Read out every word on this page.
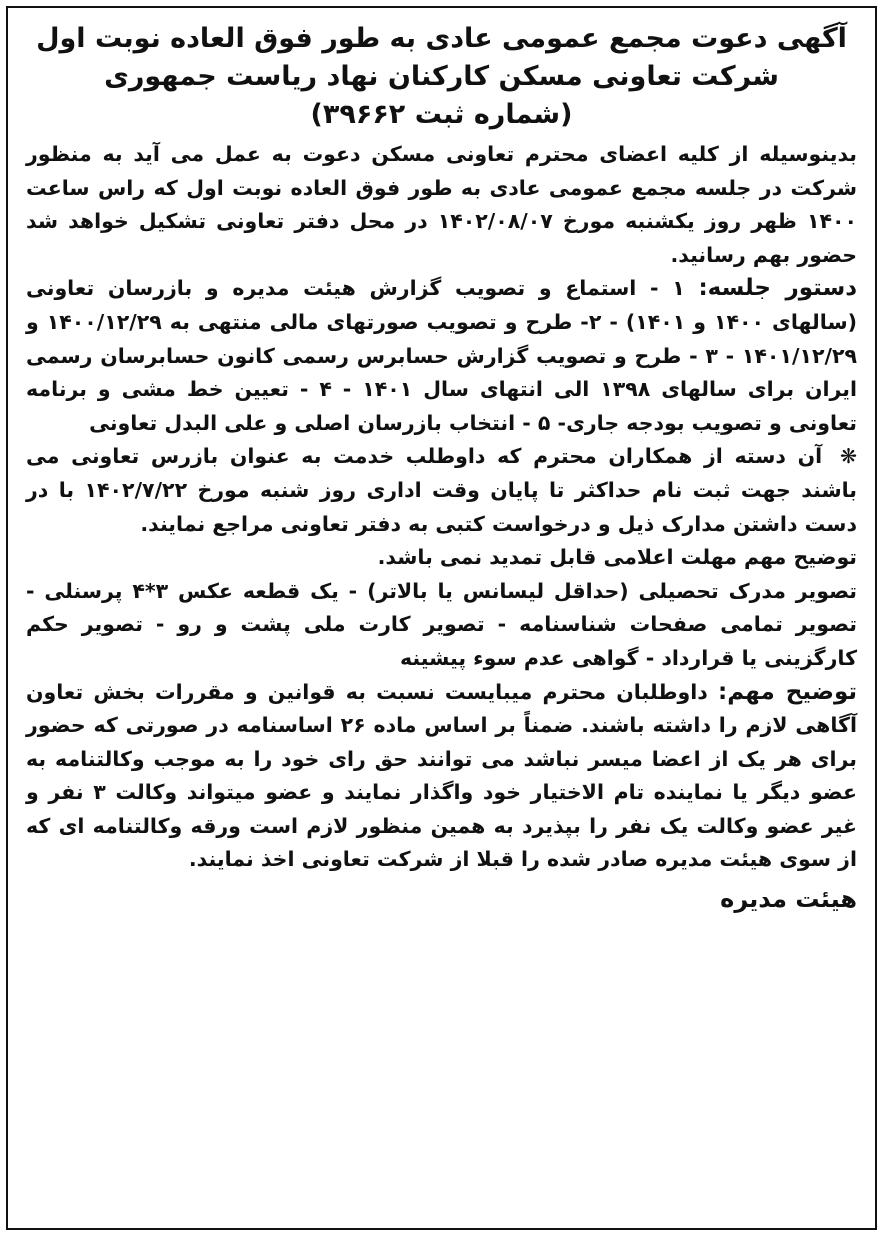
آگهی دعوت مجمع عمومی عادی به طور فوق العاده نوبت اول
شرکت تعاونی مسکن کارکنان نهاد ریاست جمهوری
(شماره ثبت ۳۹۶۶۲)

بدینوسیله از کلیه اعضای محترم تعاونی مسکن دعوت به عمل می آید به منظور شرکت در جلسه مجمع عمومی عادی به طور فوق العاده نوبت اول که راس ساعت ۱۴۰۰ ظهر روز یکشنبه مورخ ۱۴۰۲/۰۸/۰۷ در محل دفتر تعاونی تشکیل خواهد شد حضور بهم رسانید.

دستور جلسه: ۱ - استماع و تصویب گزارش هیئت مدیره و بازرسان تعاونی (سالهای ۱۴۰۰ و ۱۴۰۱) - ۲- طرح و تصویب صورتهای مالی منتهی به ۱۴۰۰/۱۲/۲۹ و ۱۴۰۱/۱۲/۲۹ - ۳ - طرح و تصویب گزارش حسابرس رسمی کانون حسابرسان رسمی ایران برای سالهای ۱۳۹۸ الی انتهای سال ۱۴۰۱ - ۴ - تعیین خط مشی و برنامه تعاونی و تصویب بودجه جاری- ۵ - انتخاب بازرسان اصلی و علی البدل تعاونی

❋ آن دسته از همکاران محترم که داوطلب خدمت به عنوان بازرس تعاونی می باشند جهت ثبت نام حداکثر تا پایان وقت اداری روز شنبه مورخ ۱۴۰۲/۷/۲۲ با در دست داشتن مدارک ذیل و درخواست کتبی به دفتر تعاونی مراجع نمایند.

توضیح مهم مهلت اعلامی قابل تمدید نمی باشد.

تصویر مدرک تحصیلی (حداقل لیسانس یا بالاتر) - یک قطعه عکس ۳*۴ پرسنلی - تصویر تمامی صفحات شناسنامه - تصویر کارت ملی پشت و رو - تصویر حکم کارگزینی یا قرارداد - گواهی عدم سوء پیشینه

توضیح مهم: داوطلبان محترم میبایست نسبت به قوانین و مقررات بخش تعاون آگاهی لازم را داشته باشند. ضمناً بر اساس ماده ۲۶ اساسنامه در صورتی که حضور برای هر یک از اعضا میسر نباشد می توانند حق رای خود را به موجب وکالتنامه به عضو دیگر یا نماینده تام الاختیار خود واگذار نمایند و عضو میتواند وکالت ۳ نفر و غیر عضو وکالت یک نفر را بپذیرد به همین منظور لازم است ورقه وکالتنامه ای که از سوی هیئت مدیره صادر شده را قبلا از شرکت تعاونی اخذ نمایند.

هیئت مدیره
